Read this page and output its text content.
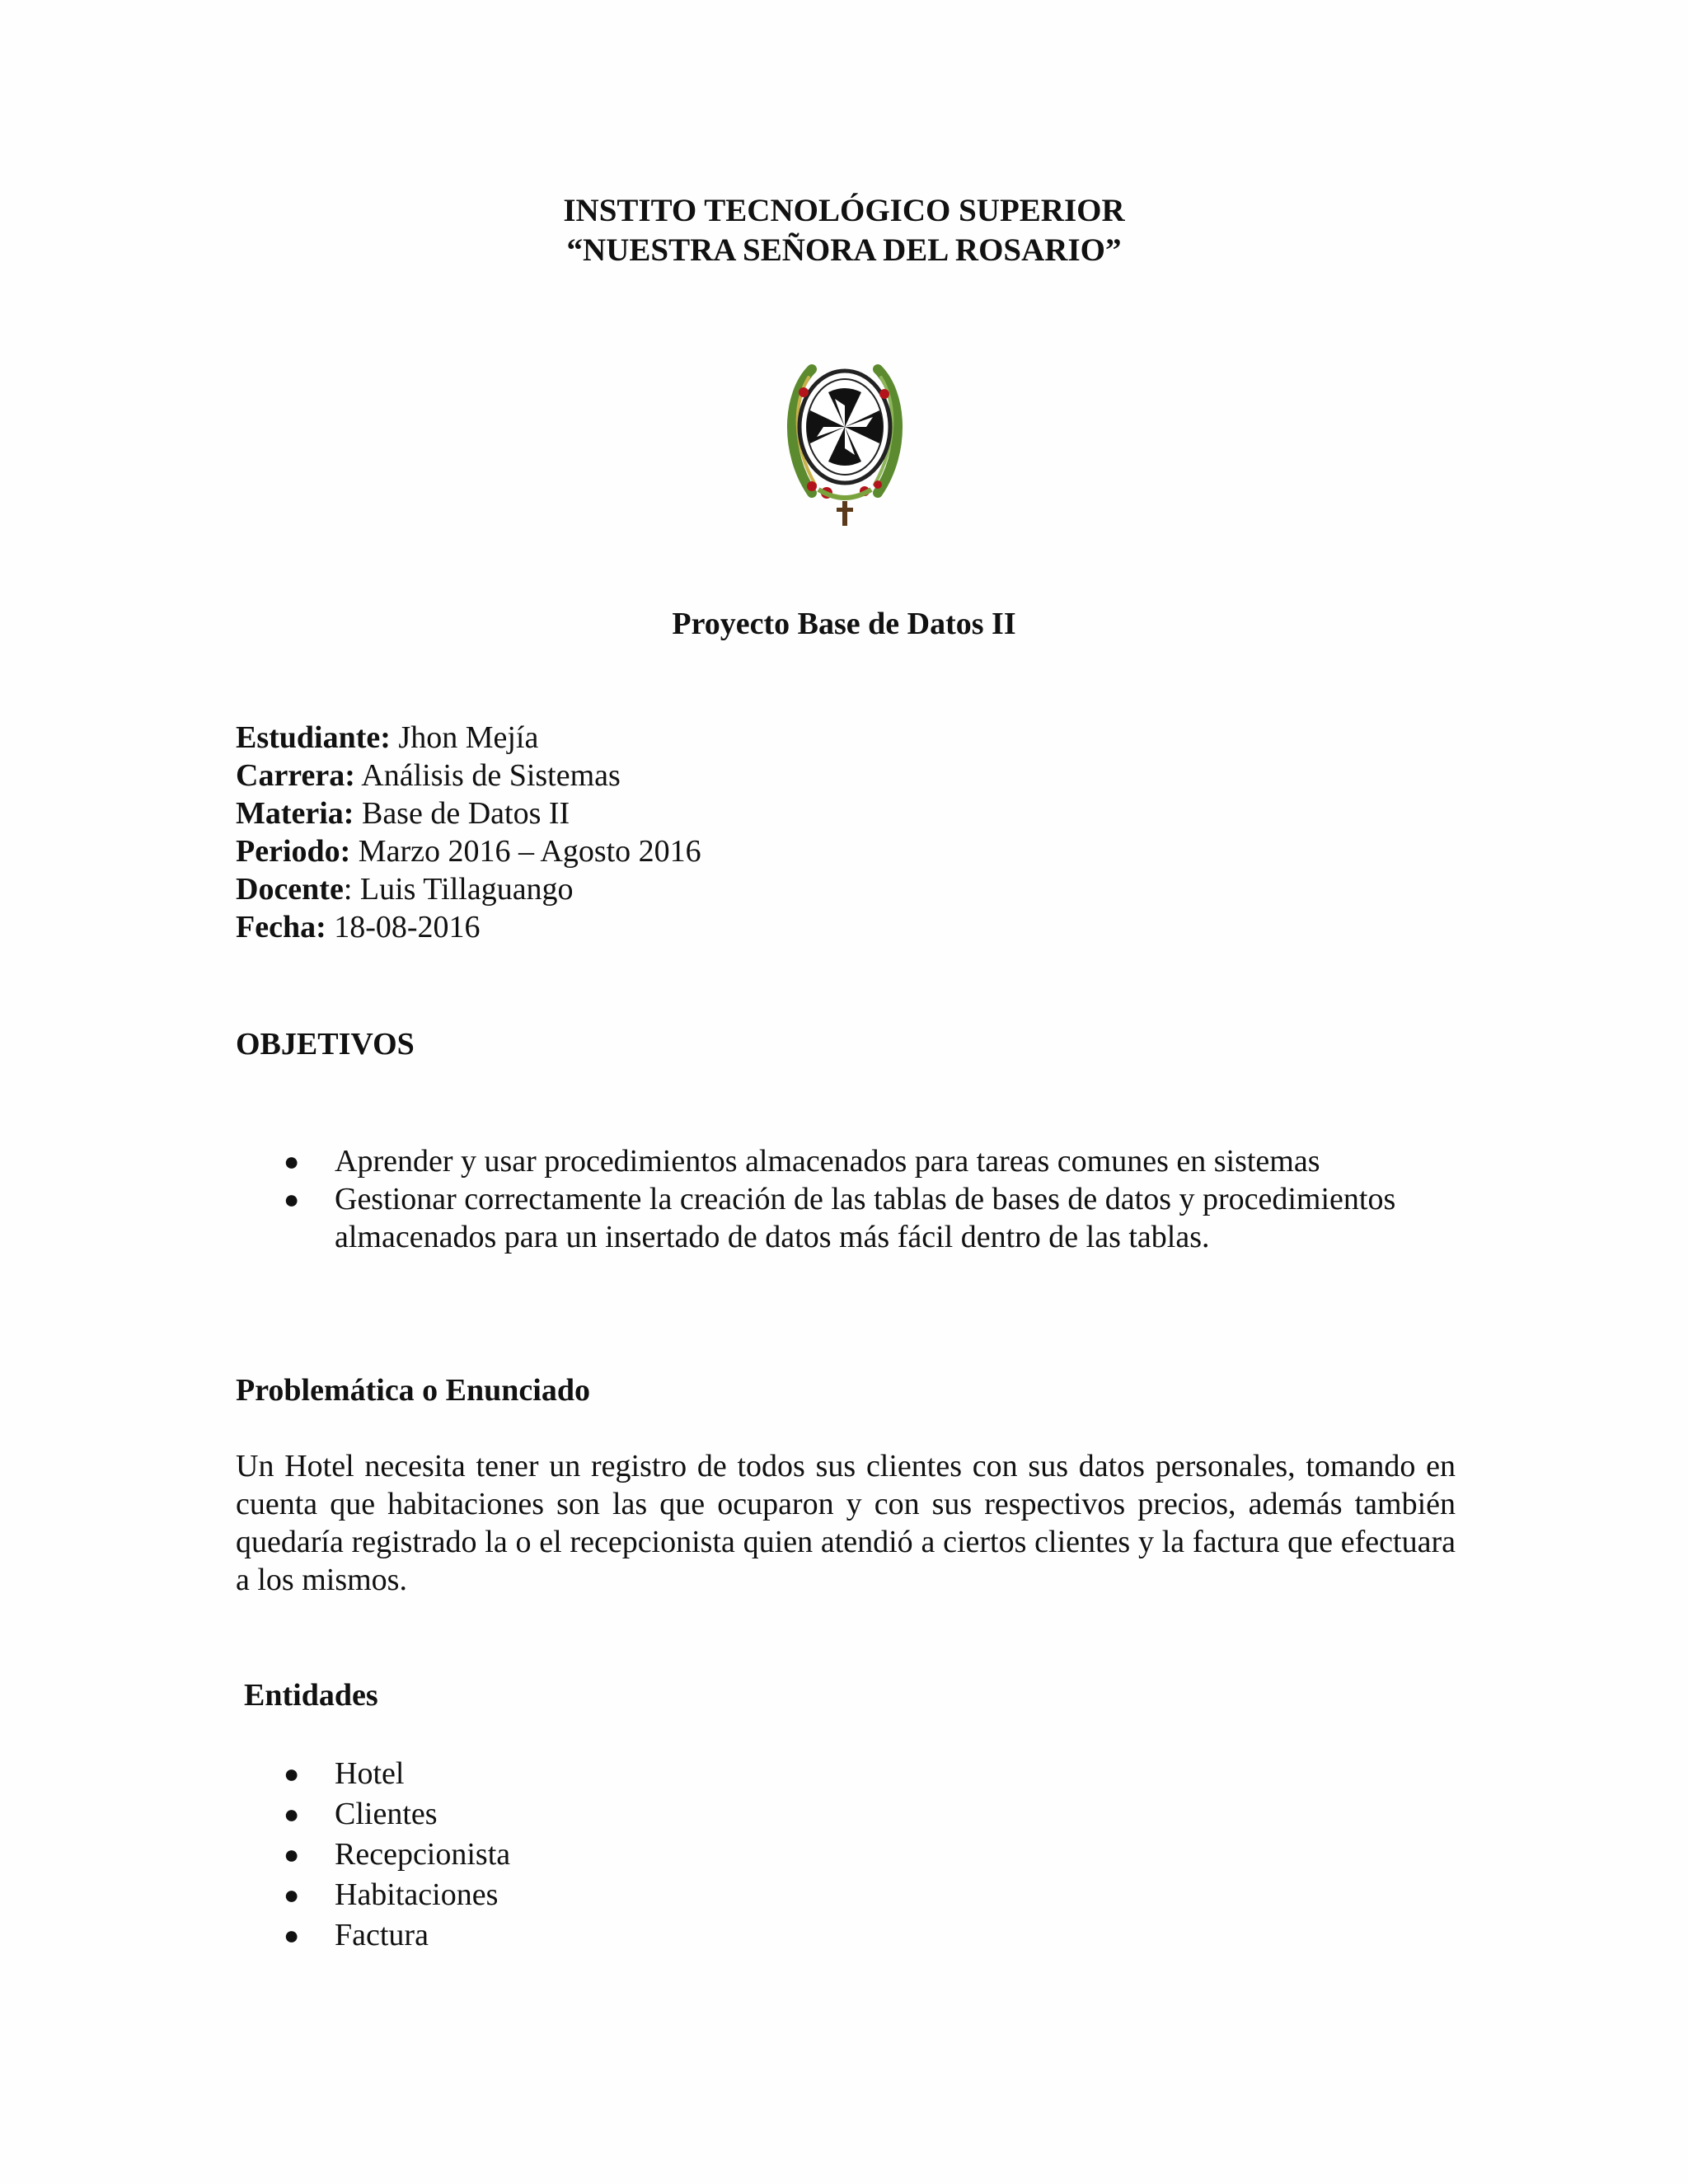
INSTITO TECNOLÓGICO SUPERIOR
“NUESTRA SEÑORA DEL ROSARIO”
Proyecto Base de Datos II
Estudiante: Jhon Mejía
Carrera: Análisis de Sistemas
Materia: Base de Datos II
Periodo: Marzo 2016 – Agosto 2016
Docente: Luis Tillaguango
Fecha: 18-08-2016
OBJETIVOS
● Aprender y usar procedimientos almacenados para tareas comunes en sistemas
● Gestionar correctamente la creación de las tablas de bases de datos y procedimientos almacenados para un insertado de datos más fácil dentro de las tablas.
Problemática o Enunciado
Un Hotel necesita tener un registro de todos sus clientes con sus datos personales, tomando en cuenta que habitaciones son las que ocuparon y con sus respectivos precios, además también quedaría registrado la o el recepcionista quien atendió a ciertos clientes y la factura que efectuara a los mismos.
Entidades
● Hotel
● Clientes
● Recepcionista
● Habitaciones
● Factura
